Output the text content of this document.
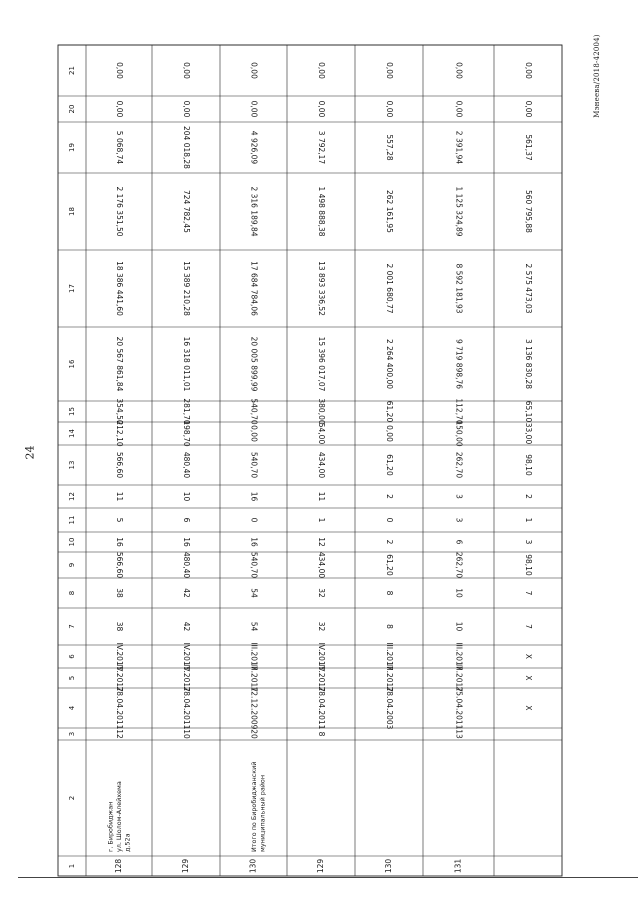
24
Мэнеева/2018-42004)
1
2
3
4
5
6
7
8
9
10
11
12
13
14
15
16
17
18
19
20
21
128
12
28.04.2011
IV.2017
IV.2017
38
38
566,60
16
5
11
566,60
212,10
354,50
20 567 861,84
18 386 441,60
2 176 351,50
5 068,74
0,00
0,00
129
10
28.04.2011
IV.2017
IV.2017
42
42
480,40
16
6
10
480,40
198,70
281,70
16 318 011,01
15 389 210,28
724 782,45
204 018,28
0,00
0,00
130
20
12.12.2009
III.2017
III.2017
54
54
540,70
16
0
16
540,70
0,00
540,70
20 005 899,99
17 684 784,06
2 316 189,84
4 926,09
0,00
0,00
129
8
28.04.2011
IV.2017
IV.2017
32
32
434,00
12
1
11
434,00
54,00
380,00
15 396 017,07
13 893 336,52
1 498 888,38
3 792,17
0,00
0,00
130
28.04.2003
III.2017
III.2017
8
8
61,20
2
0
2
61,20
0,00
61,20
2 264 400,00
2 001 680,77
262 161,95
557,28
0,00
0,00
131
г. Биробиджан ул. Шолом-Алейхема д.52а
13
25.04.2011
III.2017
III.2017
10
10
262,70
6
3
3
262,70
150,00
112,70
9 719 898,76
8 592 181,93
1 125 324,89
2 391,94
0,00
0,00
Итого по Биробиджанский муниципальный район
X
X
X
7
7
98,10
3
1
2
98,10
33,00
65,10
3 136 830,28
2 575 473,03
560 795,88
561,37
0,00
0,00
